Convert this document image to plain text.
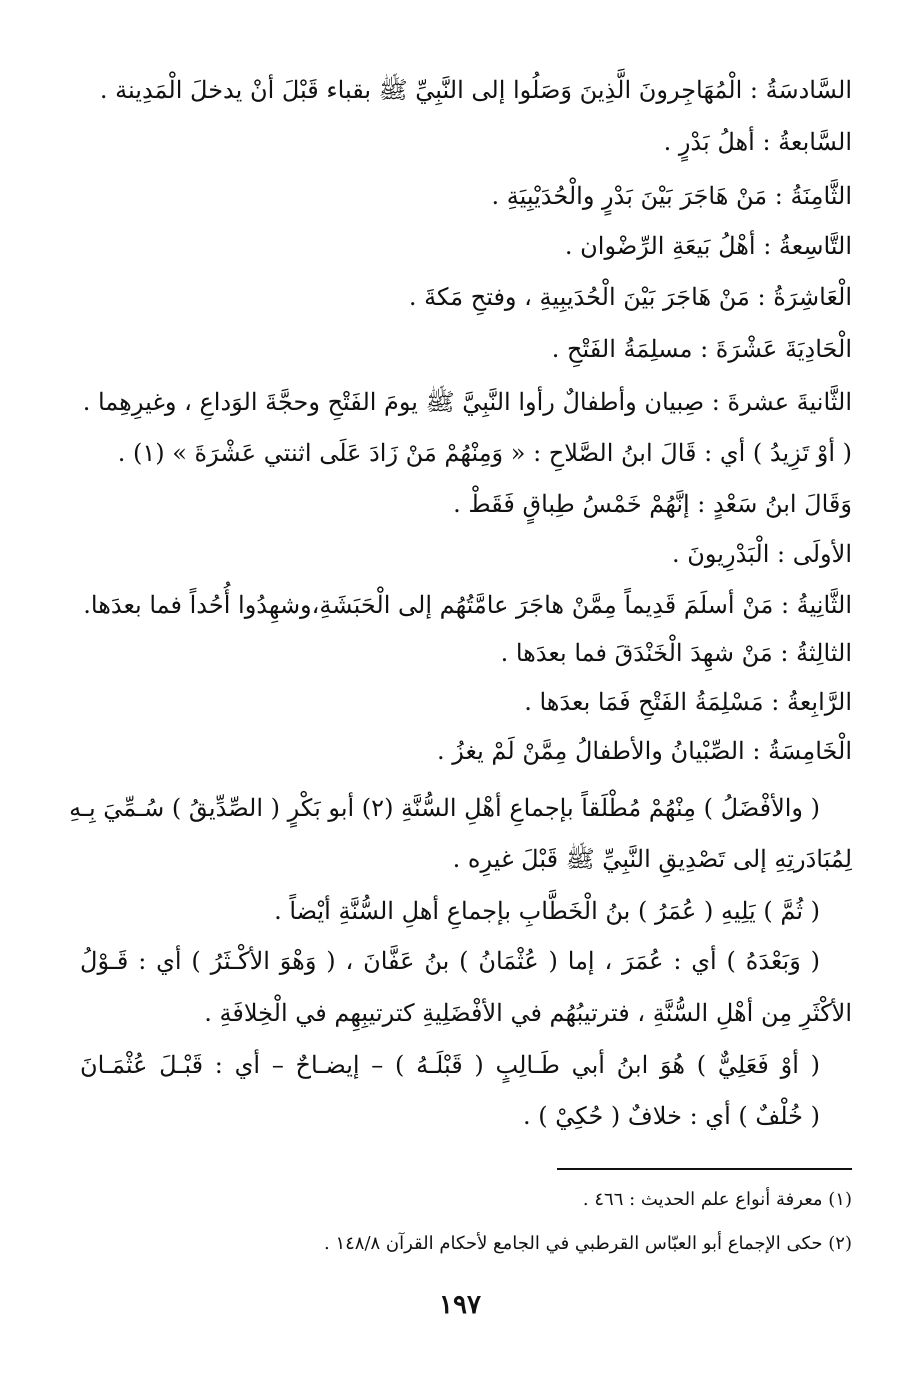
السَّادسَةُ : الْمُهَاجِرونَ الَّذِينَ وَصَلُوا إلى النَّبِيِّ ﷺ بقباء قَبْلَ أنْ يدخلَ الْمَدِينة .
السَّابعةُ : أهلُ بَدْرٍ .
الثَّامِنَةُ : مَنْ هَاجَرَ بَيْنَ بَدْرٍ والْحُدَيْبِيَةِ .
التَّاسِعةُ : أهْلُ بَيعَةِ الرِّضْوان .
الْعَاشِرَةُ : مَنْ هَاجَرَ بَيْنَ الْحُدَيبِيةِ ، وفتحِ مَكةَ .
الْحَادِيَةَ عَشْرَةَ : مسلِمَةُ الفَتْحِ .
الثَّانيةَ عشرةَ : صِبيان وأطفالٌ رأوا النَّبِيَّ ﷺ يومَ الفَتْحِ وحجَّةَ الوَداعِ ، وغيرِهِما .
( أوْ تَزِيدُ ) أي : قَالَ ابنُ الصَّلاحِ : « وَمِنْهُمْ مَنْ زَادَ عَلَى اثنتي عَشْرَةَ » (١) .
وَقَالَ ابنُ سَعْدٍ : إنَّهُمْ خَمْسُ طِباقٍ فَقَطْ .
الأولَى : الْبَدْرِيونَ .
الثَّانِيةُ : مَنْ أسلَمَ قَدِيماً مِمَّنْ هاجَرَ عامَّتُهُم إلى الْحَبَشَةِ،وشهِدُوا أُحُداً فما بعدَها.
الثالِثةُ : مَنْ شهِدَ الْخَنْدَقَ فما بعدَها .
الرَّابِعةُ : مَسْلِمَةُ الفَتْحِ فَمَا بعدَها .
الْخَامِسَةُ : الصِّبْيانُ والأطفالُ مِمَّنْ لَمْ يغزُ .
( والأفْضَلُ ) مِنْهُمْ مُطْلَقاً بإجماعِ أهْلِ السُّنَّةِ (٢) أبو بَكْرٍ ( الصِّدِّيقُ ) سُـمِّيَ بِـهِ
لِمُبَادَرتِهِ إلى تَصْدِيقِ النَّبِيِّ ﷺ قَبْلَ غيرِه .
( ثُمَّ ) يَلِيهِ ( عُمَرُ ) بنُ الْخَطَّابِ بإجماعِ أهلِ السُّنَّةِ أيْضاً .
( وَبَعْدَهُ ) أي : عُمَرَ ، إما ( عُثْمَانُ ) بنُ عَفَّانَ ، ( وَهْوَ الأكْـثَرُ ) أي : قَـوْلُ
الأكْثَرِ مِن أهْلِ السُّنَّةِ ، فترتيبُهُم في الأفْضَلِيةِ كترتيبِهِم في الْخِلافَةِ .
( أوْ فَعَلِيٌّ ) هُوَ ابنُ أبي طَـالِبٍ ( قَبْلَـهُ ) – إيضـاحٌ – أي : قَبْـلَ عُثْمَـانَ
( خُلْفٌ ) أي : خلافٌ ( حُكِيْ ) .
(١) معرفة أنواع علم الحديث : ٤٦٦ .
(٢) حكى الإجماع أبو العبّاس القرطبي في الجامع لأحكام القرآن ١٤٨/٨ .
١٩٧
